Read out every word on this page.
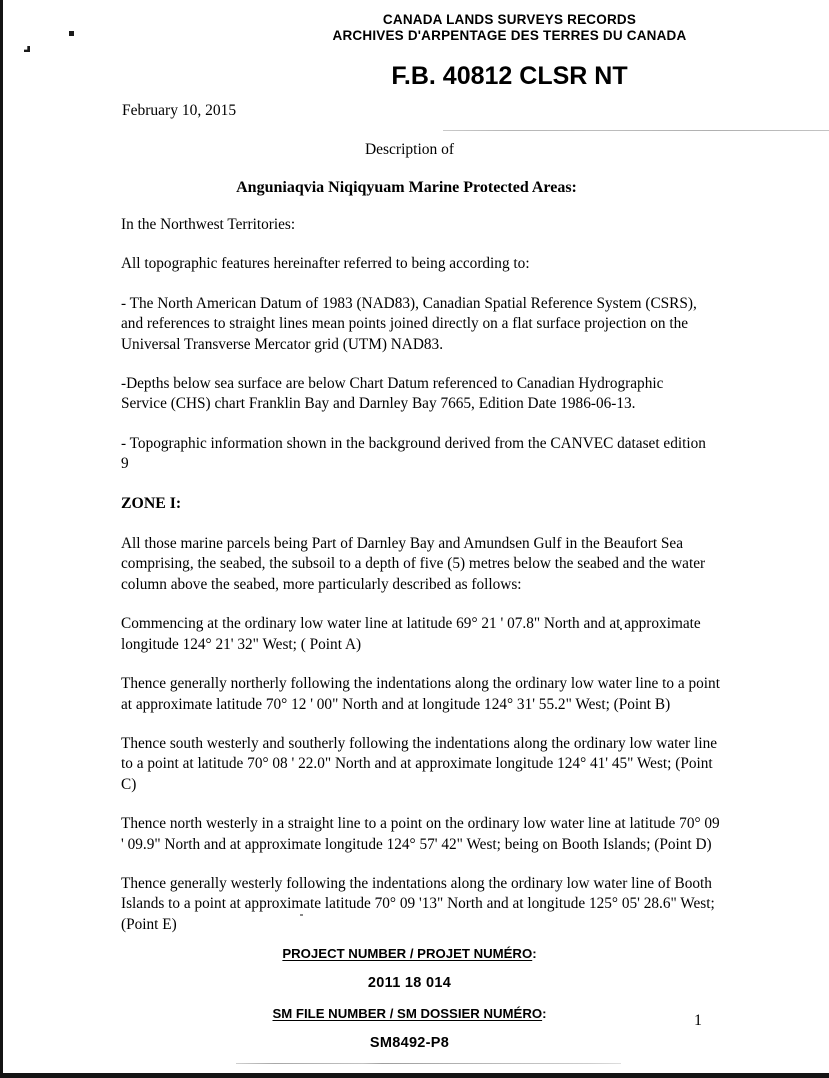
CANADA LANDS SURVEYS RECORDS
ARCHIVES D'ARPENTAGE DES TERRES DU CANADA
F.B. 40812 CLSR NT
February 10, 2015
Description of
Anguniaqvia Niqiqyuam Marine Protected Areas:

In the Northwest Territories:

All topographic features hereinafter referred to being according to:

- The North American Datum of 1983 (NAD83), Canadian Spatial Reference System (CSRS), and references to straight lines mean points joined directly on a flat surface projection on the Universal Transverse Mercator grid (UTM) NAD83.

-Depths below sea surface are below Chart Datum referenced to Canadian Hydrographic Service (CHS) chart Franklin Bay and Darnley Bay 7665, Edition Date 1986-06-13.

- Topographic information shown in the background derived from the CANVEC dataset edition 9

ZONE I:

All those marine parcels being Part of Darnley Bay and Amundsen Gulf in the Beaufort Sea comprising, the seabed, the subsoil to a depth of five (5) metres below the seabed and the water column above the seabed, more particularly described as follows:

Commencing at the ordinary low water line at latitude 69° 21 ' 07.8" North and at approximate longitude 124° 21' 32" West; ( Point A)

Thence generally northerly following the indentations along the ordinary low water line to a point at approximate latitude 70° 12 ' 00" North and at longitude 124° 31' 55.2" West; (Point B)

Thence south westerly and southerly following the indentations along the ordinary low water line to a point at latitude 70° 08 ' 22.0" North and at approximate longitude 124° 41' 45" West; (Point C)

Thence north westerly in a straight line to a point on the ordinary low water line at latitude 70° 09 ' 09.9" North and at approximate longitude 124° 57' 42" West; being on Booth Islands; (Point D)

Thence generally westerly following the indentations along the ordinary low water line of Booth Islands to a point at approximate latitude 70° 09 '13" North and at longitude 125° 05' 28.6" West; (Point E)

PROJECT NUMBER / PROJET NUMÉRO:
2011 18 014
SM FILE NUMBER / SM DOSSIER NUMÉRO:
SM8492-P8
1
